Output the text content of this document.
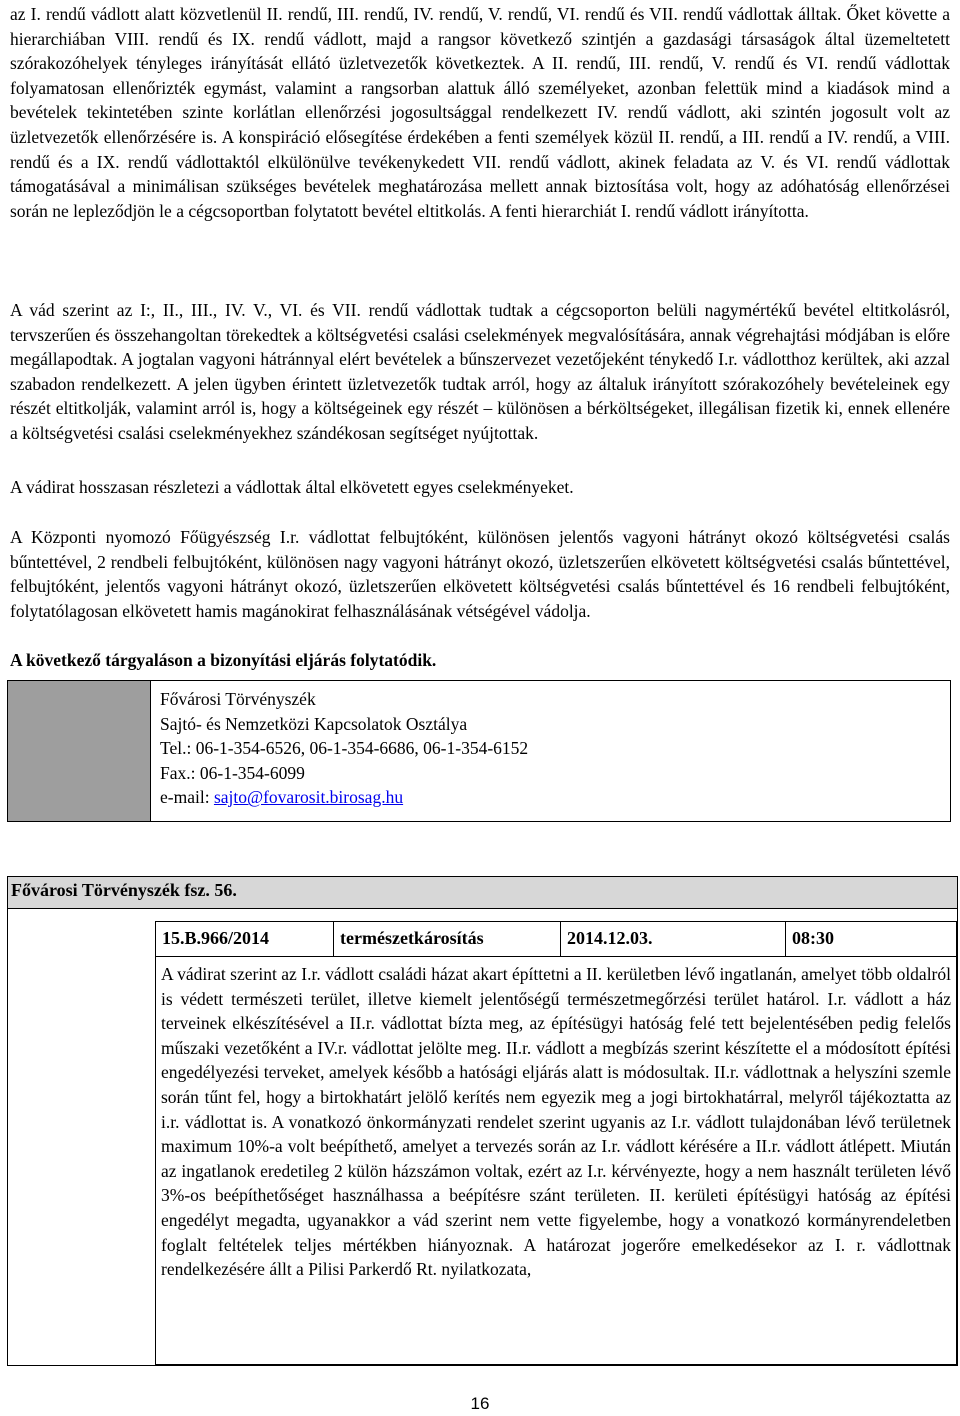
az I. rendű vádlott alatt közvetlenül II. rendű, III. rendű, IV. rendű, V. rendű, VI. rendű és VII. rendű vádlottak álltak. Őket követte a hierarchiában VIII. rendű és IX. rendű vádlott, majd a rangsor következő szintjén a gazdasági társaságok által üzemeltetett szórakozóhelyek tényleges irányítását ellátó üzletvezetők következtek. A II. rendű, III. rendű, V. rendű és VI. rendű vádlottak folyamatosan ellenőrizték egymást, valamint a rangsorban alattuk álló személyeket, azonban felettük mind a kiadások mind a bevételek tekintetében szinte korlátlan ellenőrzési jogosultsággal rendelkezett IV. rendű vádlott, aki szintén jogosult volt az üzletvezetők ellenőrzésére is. A konspiráció elősegítése érdekében a fenti személyek közül II. rendű, a III. rendű a IV. rendű, a VIII. rendű és a IX. rendű vádlottaktól elkülönülve tevékenykedett VII. rendű vádlott, akinek feladata az V. és VI. rendű vádlottak támogatásával a minimálisan szükséges bevételek meghatározása mellett annak biztosítása volt, hogy az adóhatóság ellenőrzései során ne lepleződjön le a cégcsoportban folytatott bevétel eltitkolás. A fenti hierarchiát I. rendű vádlott irányította.

A vád szerint az I:, II., III., IV. V., VI. és VII. rendű vádlottak tudtak a cégcsoporton belüli nagymértékű bevétel eltitkolásról, tervszerűen és összehangoltan törekedtek a költségvetési csalási cselekmények megvalósítására, annak végrehajtási módjában is előre megállapodtak. A jogtalan vagyoni hátránnyal elért bevételek a bűnszervezet vezetőjeként ténykedő I.r. vádlotthoz kerültek, aki azzal szabadon rendelkezett. A jelen ügyben érintett üzletvezetők tudtak arról, hogy az általuk irányított szórakozóhely bevételeinek egy részét eltitkolják, valamint arról is, hogy a költségeinek egy részét – különösen a bérköltségeket, illegálisan fizetik ki, ennek ellenére a költségvetési csalási cselekményekhez szándékosan segítséget nyújtottak.

A vádirat hosszasan részletezi a vádlottak által elkövetett egyes cselekményeket.

A Központi nyomozó Főügyészség I.r. vádlottat felbujtóként, különösen jelentős vagyoni hátrányt okozó költségvetési csalás bűntettével, 2 rendbeli felbujtóként, különösen nagy vagyoni hátrányt okozó, üzletszerűen elkövetett költségvetési csalás bűntettével, felbujtóként, jelentős vagyoni hátrányt okozó, üzletszerűen elkövetett költségvetési csalás bűntettével és 16 rendbeli felbujtóként, folytatólagosan elkövetett hamis magánokirat felhasználásának vétségével vádolja.

A következő tárgyaláson a bizonyítási eljárás folytatódik.

Fővárosi Törvényszék
Sajtó- és Nemzetközi Kapcsolatok Osztálya
Tel.: 06-1-354-6526, 06-1-354-6686, 06-1-354-6152
Fax.: 06-1-354-6099
e-mail: sajto@fovarosit.birosag.hu
Fővárosi Törvényszék fsz. 56.
15.B.966/2014	természetkárosítás	2014.12.03.	08:30

A vádirat szerint az I.r. vádlott családi házat akart építtetni a II. kerületben lévő ingatlanán, amelyet több oldalról is védett természeti terület, illetve kiemelt jelentőségű természetmegőrzési terület határol. I.r. vádlott a ház terveinek elkészítésével a II.r. vádlottat bízta meg, az építésügyi hatóság felé tett bejelentésében pedig felelős műszaki vezetőként a IV.r. vádlottat jelölte meg. II.r. vádlott a megbízás szerint készítette el a módosított építési engedélyezési terveket, amelyek később a hatósági eljárás alatt is módosultak. II.r. vádlottnak a helyszíni szemle során tűnt fel, hogy a birtokhatárt jelölő kerítés nem egyezik meg a jogi birtokhatárral, melyről tájékoztatta az i.r. vádlottat is. A vonatkozó önkormányzati rendelet szerint ugyanis az I.r. vádlott tulajdonában lévő területnek maximum 10%-a volt beépíthető, amelyet a tervezés során az I.r. vádlott kérésére a II.r. vádlott átlépett. Miután az ingatlanok eredetileg 2 külön házszámon voltak, ezért az I.r. kérvényezte, hogy a nem használt területen lévő 3%-os beépíthetőséget használhassa a beépítésre szánt területen. II. kerületi építésügyi hatóság az építési engedélyt megadta, ugyanakkor a vád szerint nem vette figyelembe, hogy a vonatkozó kormányrendeletben foglalt feltételek teljes mértékben hiányoznak. A határozat jogerőre emelkedésekor az I. r. vádlottnak rendelkezésére állt a Pilisi Parkerdő Rt. nyilatkozata,

16
